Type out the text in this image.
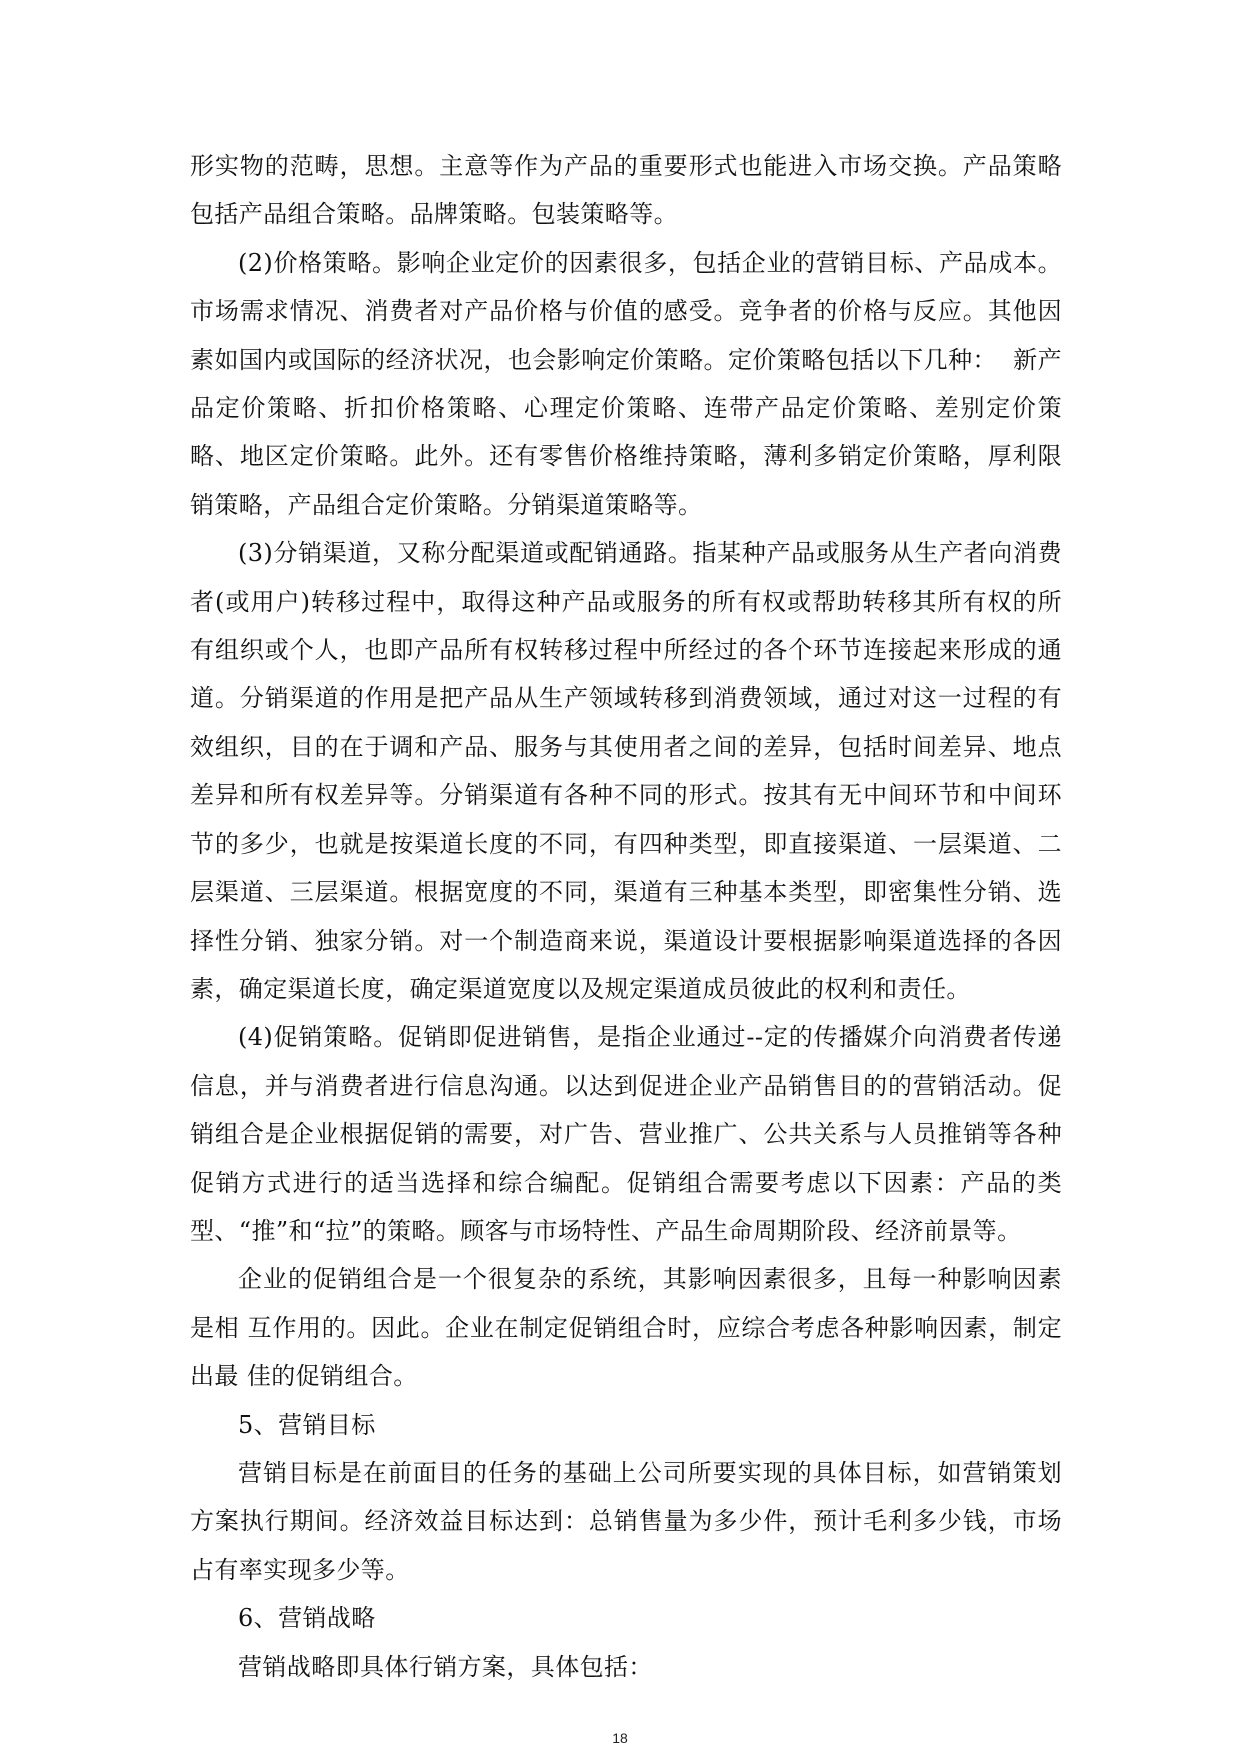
形实物的范畴，思想。主意等作为产品的重要形式也能进入市场交换。产品策略包括产品组合策略。品牌策略。包装策略等。

(2)价格策略。影响企业定价的因素很多，包括企业的营销目标、产品成本。市场需求情况、消费者对产品价格与价值的感受。竞争者的价格与反应。其他因素如国内或国际的经济状况，也会影响定价策略。定价策略包括以下几种：  新产品定价策略、折扣价格策略、心理定价策略、连带产品定价策略、差别定价策略、地区定价策略。此外。还有零售价格维持策略，薄利多销定价策略，厚利限销策略，产品组合定价策略。分销渠道策略等。

(3)分销渠道，又称分配渠道或配销通路。指某种产品或服务从生产者向消费者(或用户)转移过程中，取得这种产品或服务的所有权或帮助转移其所有权的所有组织或个人，也即产品所有权转移过程中所经过的各个环节连接起来形成的通道。分销渠道的作用是把产品从生产领域转移到消费领域，通过对这一过程的有效组织，目的在于调和产品、服务与其使用者之间的差异，包括时间差异、地点差异和所有权差异等。分销渠道有各种不同的形式。按其有无中间环节和中间环节的多少，也就是按渠道长度的不同，有四种类型，即直接渠道、一层渠道、二层渠道、三层渠道。根据宽度的不同，渠道有三种基本类型，即密集性分销、选择性分销、独家分销。对一个制造商来说，渠道设计要根据影响渠道选择的各因素，确定渠道长度，确定渠道宽度以及规定渠道成员彼此的权利和责任。

(4)促销策略。促销即促进销售，是指企业通过--定的传播媒介向消费者传递信息，并与消费者进行信息沟通。以达到促进企业产品销售目的的营销活动。促销组合是企业根据促销的需要，对广告、营业推广、公共关系与人员推销等各种促销方式进行的适当选择和综合编配。促销组合需要考虑以下因素：产品的类型、“推”和“拉”的策略。顾客与市场特性、产品生命周期阶段、经济前景等。

企业的促销组合是一个很复杂的系统，其影响因素很多，且每一种影响因素是相 互作用的。因此。企业在制定促销组合时，应综合考虑各种影响因素，制定出最 佳的促销组合。

5、营销目标

营销目标是在前面目的任务的基础上公司所要实现的具体目标，如营销策划方案执行期间。经济效益目标达到：总销售量为多少件，预计毛利多少钱，市场占有率实现多少等。

6、营销战略

营销战略即具体行销方案，具体包括：

18
